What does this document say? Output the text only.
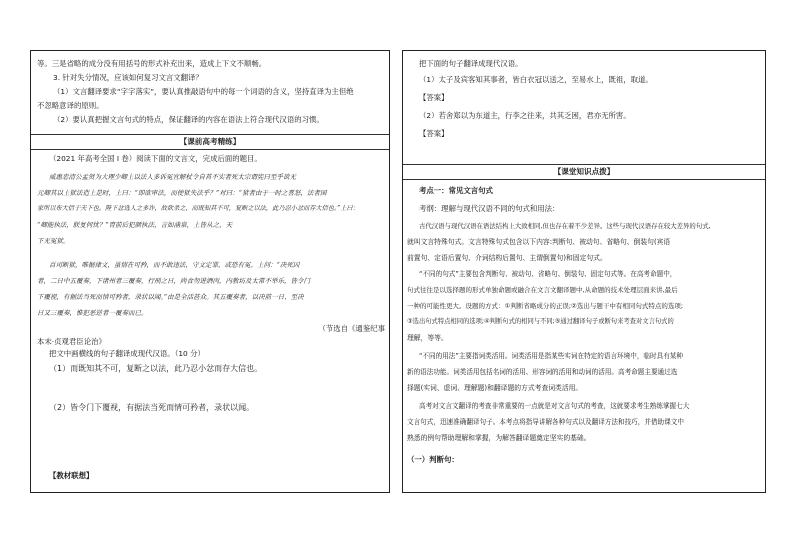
等。三是省略的成分没有用括号的形式补充出来，造成上下文不顺畅。
3. 针对失分情况，应该如何复习文言文翻译？
（1）文言翻译要求“字字落实”，要认真推敲语句中的每一个词语的含义，坚持直译为主但绝
不忽略意译的原则。
（2）要认真把握文言句式的特点，保证翻译的内容在语法上符合现代汉语的习惯。
【课前高考精练】
（2021 年高考全国 I 卷）阅读下面的文言文，完成后面的题目。
威惠忠清公孟贤为大理少卿上以法人多诉冤宜解杖令自首不实者死太宗谓宪曰至乎欲无
元卿其以上狱法造上是时，上曰：“即欲审法，而使狱失法乎？”对曰：“狱者由于一时之喜怒，法者国
家所以布大信于天下也。陛下忿选人之多诈，故欲杀之，而既知其不可，复断之以法，此乃忍小忿而存大信也。”上曰：
“卿能执法，朕复何忧？”胄前后犯颜执法，言如涌泉，上皆从之，天
下无冤狱。
百司断狱，唯据律文，虽情在可矜，而不敢违法，守文定罪，或恐有冤。上问：“决死囚
者，二日中五覆奏，下诸州者三覆奏，行刑之日，尚食勿进酒肉，内教坊及太常不举乐，皆令门
下覆视，有据法当死而情可矜者，录状以闻。”由是全活甚众。其五覆奏者，以决前一日、至决
日又三覆奏，惟犯恶逆者一覆奏而已。
（节选自《通鉴纪事
本末·贞观君臣论治》
把文中画横线的句子翻译成现代汉语。（10 分）
（1）而既知其不可，复断之以法，此乃忍小忿而存大信也。
（2）皆令门下覆视，有据法当死而情可矜者，录状以闻。
【教材联想】
把下面的句子翻译成现代汉语。
（1）太子及宾客知其事者，皆白衣冠以送之，至易水上，既祖，取道。
【答案】
（2）若舍郑以为东道主，行李之往来，共其乏困，君亦无所害。
【答案】
【课堂知识点拨】
考点一：常见文言句式
考纲：理解与现代汉语不同的句式和用法：
古代汉语与现代汉语在语法结构上大致相同,但也存在着不少差异。这些与现代汉语存在较大差异的句式,
就叫文言特殊句式。文言特殊句式包含以下内容:判断句、被动句、省略句、倒装句(宾语
前置句、定语后置句、介词结构后置句、主谓倒置句)和固定句式。
“不同的句式”主要包含判断句、被动句、省略句、倒装句、固定句式等。在高考命题中，
句式往往是以选择题的形式单独命题或融合在文言文翻译题中,从命题的技术处理层面来讲,最后
一种的可能性更大。设题的方式：①判断省略成分的正误;②选出与题干中有相同句式特点的选项;
③选出句式特点相同的选项;④判断句式的相同与不同;⑤通过翻译句子或断句来考查对文言句式的
理解，等等。
“不同的用法”主要指词类活用。词类活用是指某些实词在特定的语言环境中，临时具有某种
新的语法功能。词类活用包括名词的活用、形容词的活用和动词的活用。高考命题主要通过选
择题(实词、虚词、理解题)和翻译题的方式考查词类活用。
高考对文言文翻译的考查非常重要的一点就是对文言句式的考查，这就要求考生熟练掌握七大
文言句式，迅速准确翻译句子。本考点将指导讲解各种句式以及翻译方法和技巧，并借助课文中
熟悉的例句帮助理解和掌握，为解答翻译题奠定坚实的基础。
（一）判断句：
